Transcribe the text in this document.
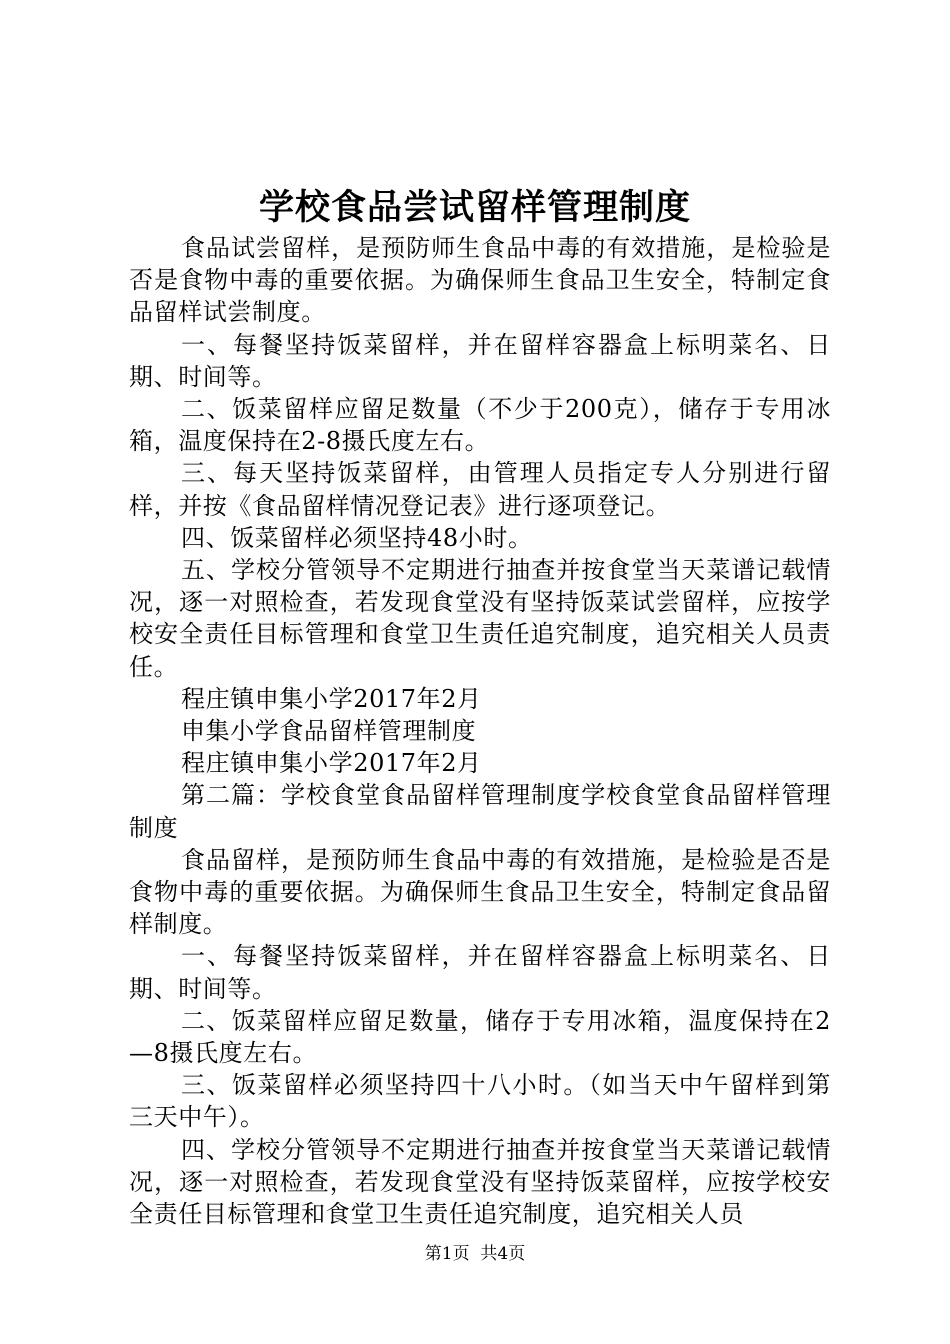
学校食品尝试留样管理制度

食品试尝留样，是预防师生食品中毒的有效措施，是检验是否是食物中毒的重要依据。为确保师生食品卫生安全，特制定食品留样试尝制度。

一、每餐坚持饭菜留样，并在留样容器盒上标明菜名、日期、时间等。

二、饭菜留样应留足数量（不少于200克），储存于专用冰箱，温度保持在2-8摄氏度左右。

三、每天坚持饭菜留样，由管理人员指定专人分别进行留样，并按《食品留样情况登记表》进行逐项登记。

四、饭菜留样必须坚持48小时。

五、学校分管领导不定期进行抽查并按食堂当天菜谱记载情况，逐一对照检查，若发现食堂没有坚持饭菜试尝留样，应按学校安全责任目标管理和食堂卫生责任追究制度，追究相关人员责任。

程庄镇申集小学2017年2月

申集小学食品留样管理制度

程庄镇申集小学2017年2月

第二篇：学校食堂食品留样管理制度学校食堂食品留样管理制度

食品留样，是预防师生食品中毒的有效措施，是检验是否是食物中毒的重要依据。为确保师生食品卫生安全，特制定食品留样制度。

一、每餐坚持饭菜留样，并在留样容器盒上标明菜名、日期、时间等。

二、饭菜留样应留足数量，储存于专用冰箱，温度保持在2—8摄氏度左右。

三、饭菜留样必须坚持四十八小时。（如当天中午留样到第三天中午）。

四、学校分管领导不定期进行抽查并按食堂当天菜谱记载情况，逐一对照检查，若发现食堂没有坚持饭菜留样，应按学校安全责任目标管理和食堂卫生责任追究制度，追究相关人员

第1页  共4页
